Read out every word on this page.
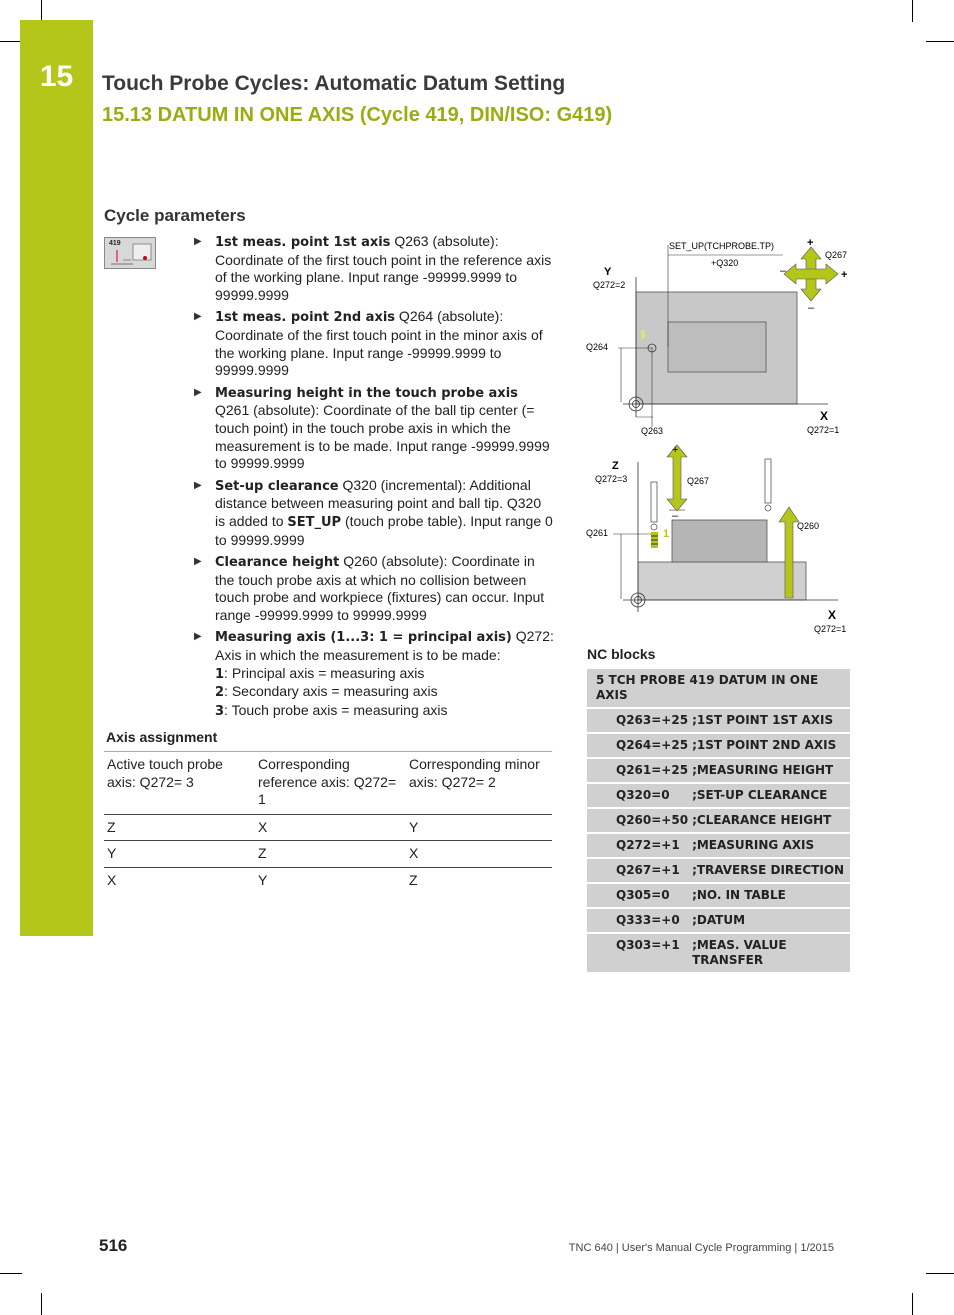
15	Touch Probe Cycles: Automatic Datum Setting
15.13 DATUM IN ONE AXIS (Cycle 419, DIN/ISO: G419)
Cycle parameters
419	▶ 1st meas. point 1st axis Q263 (absolute): Coordinate of the first touch point in the reference axis of the working plane. Input range -99999.9999 to 99999.9999
▶ 1st meas. point 2nd axis Q264 (absolute): Coordinate of the first touch point in the minor axis of the working plane. Input range -99999.9999 to 99999.9999
▶ Measuring height in the touch probe axis Q261 (absolute): Coordinate of the ball tip center (= touch point) in the touch probe axis in which the measurement is to be made. Input range -99999.9999 to 99999.9999
▶ Set-up clearance Q320 (incremental): Additional distance between measuring point and ball tip. Q320 is added to SET_UP (touch probe table). Input range 0 to 99999.9999
▶ Clearance height Q260 (absolute): Coordinate in the touch probe axis at which no collision between touch probe and workpiece (fixtures) can occur. Input range -99999.9999 to 99999.9999
▶ Measuring axis (1...3: 1 = principal axis) Q272: Axis in which the measurement is to be made:
1: Principal axis = measuring axis
2: Secondary axis = measuring axis
3: Touch probe axis = measuring axis
Axis assignment
Active touch probe axis: Q272= 3	Corresponding reference axis: Q272= 1	Corresponding minor axis: Q272= 2
Z	X	Y
Y	Z	X
X	Y	Z
SET_UP(TCHPROBE.TP)
+Q320
Y
Q272=2
Q264
Q263
X
Q272=1
+
+
–
–
Q267
+
–
Z
Q272=3	Q267
Q260
Q261	1
X
Q272=1
NC blocks
5 TCH PROBE 419 DATUM IN ONE AXIS	
Q263=+25	;1ST POINT 1ST AXIS
Q264=+25	;1ST POINT 2ND AXIS
Q261=+25	;MEASURING HEIGHT
Q320=0	;SET-UP CLEARANCE
Q260=+50	;CLEARANCE HEIGHT
Q272=+1	;MEASURING AXIS
Q267=+1	;TRAVERSE DIRECTION
Q305=0	;NO. IN TABLE
Q333=+0	;DATUM
Q303=+1	;MEAS. VALUE TRANSFER
516	TNC 640 | User's Manual Cycle Programming | 1/2015
